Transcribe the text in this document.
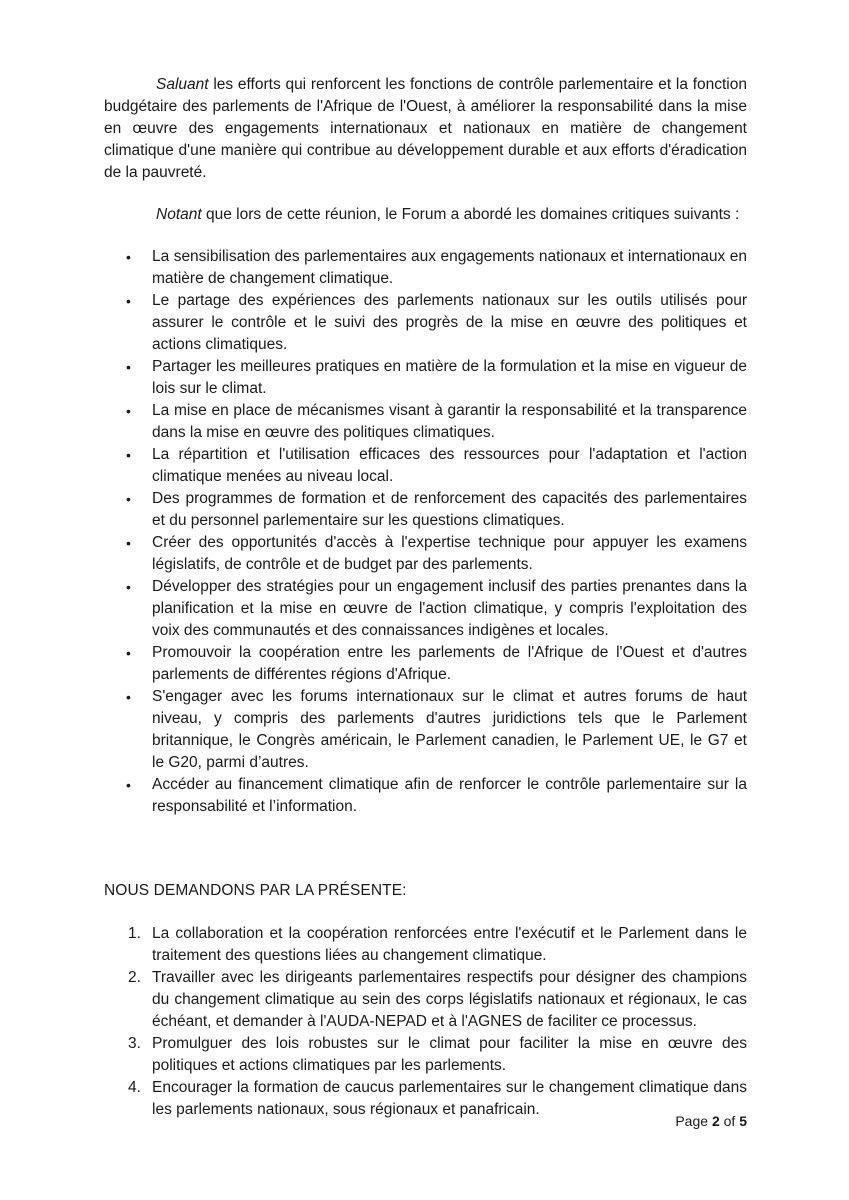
Saluant les efforts qui renforcent les fonctions de contrôle parlementaire et la fonction budgétaire des parlements de l'Afrique de l'Ouest, à améliorer la responsabilité dans la mise en œuvre des engagements internationaux et nationaux en matière de changement climatique d'une manière qui contribue au développement durable et aux efforts d'éradication de la pauvreté.

Notant que lors de cette réunion, le Forum a abordé les domaines critiques suivants :

• La sensibilisation des parlementaires aux engagements nationaux et internationaux en matière de changement climatique.
• Le partage des expériences des parlements nationaux sur les outils utilisés pour assurer le contrôle et le suivi des progrès de la mise en œuvre des politiques et actions climatiques.
• Partager les meilleures pratiques en matière de la formulation et la mise en vigueur de lois sur le climat.
• La mise en place de mécanismes visant à garantir la responsabilité et la transparence dans la mise en œuvre des politiques climatiques.
• La répartition et l'utilisation efficaces des ressources pour l'adaptation et l'action climatique menées au niveau local.
• Des programmes de formation et de renforcement des capacités des parlementaires et du personnel parlementaire sur les questions climatiques.
• Créer des opportunités d'accès à l'expertise technique pour appuyer les examens législatifs, de contrôle et de budget par des parlements.
• Développer des stratégies pour un engagement inclusif des parties prenantes dans la planification et la mise en œuvre de l'action climatique, y compris l'exploitation des voix des communautés et des connaissances indigènes et locales.
• Promouvoir la coopération entre les parlements de l'Afrique de l'Ouest et d'autres parlements de différentes régions d'Afrique.
• S'engager avec les forums internationaux sur le climat et autres forums de haut niveau, y compris des parlements d'autres juridictions tels que le Parlement britannique, le Congrès américain, le Parlement canadien, le Parlement UE, le G7 et le G20, parmi d’autres.
• Accéder au financement climatique afin de renforcer le contrôle parlementaire sur la responsabilité et l’information.
NOUS DEMANDONS PAR LA PRÉSENTE:
1. La collaboration et la coopération renforcées entre l'exécutif et le Parlement dans le traitement des questions liées au changement climatique.
2. Travailler avec les dirigeants parlementaires respectifs pour désigner des champions du changement climatique au sein des corps législatifs nationaux et régionaux, le cas échéant, et demander à l'AUDA-NEPAD et à l'AGNES de faciliter ce processus.
3. Promulguer des lois robustes sur le climat pour faciliter la mise en œuvre des politiques et actions climatiques par les parlements.
4. Encourager la formation de caucus parlementaires sur le changement climatique dans les parlements nationaux, sous régionaux et panafricain.
Page 2 of 5
